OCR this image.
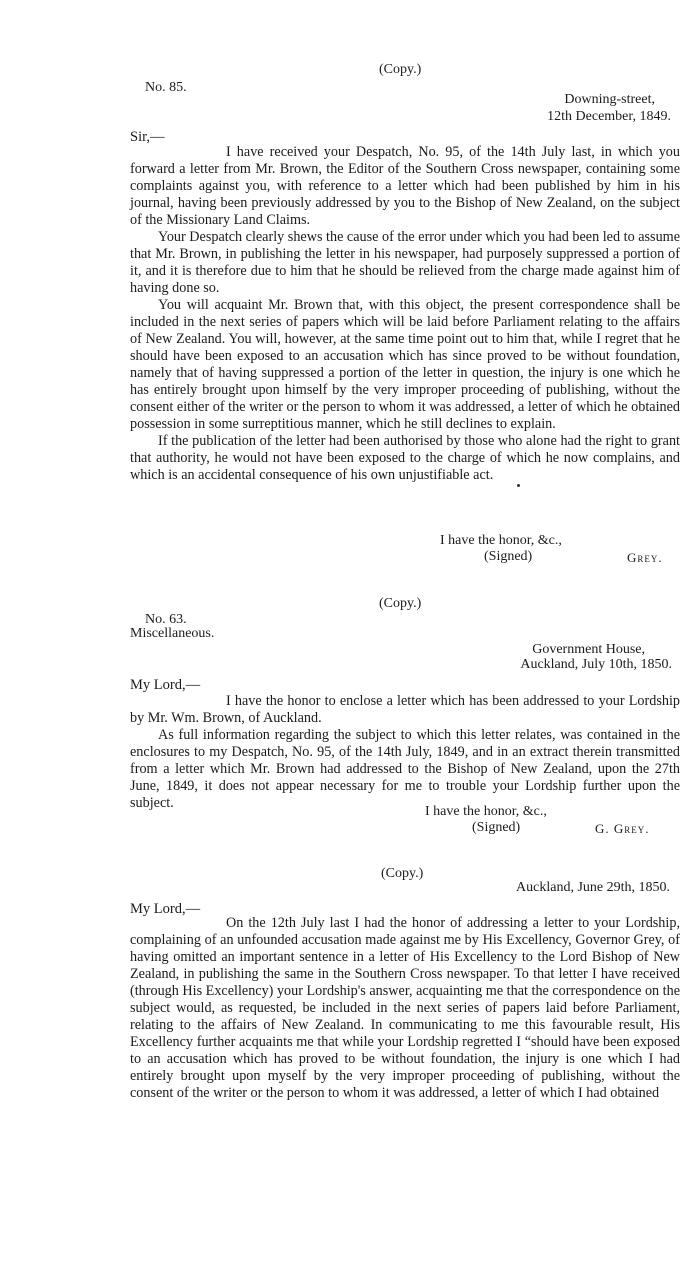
(Copy.)
No. 85.
Downing-street,
12th December, 1849.
Sir,—

I have received your Despatch, No. 95, of the 14th July last, in which you forward a letter from Mr. Brown, the Editor of the Southern Cross newspaper, containing some complaints against you, with reference to a letter which had been published by him in his journal, having been previously addressed by you to the Bishop of New Zealand, on the subject of the Missionary Land Claims.

Your Despatch clearly shews the cause of the error under which you had been led to assume that Mr. Brown, in publishing the letter in his newspaper, had purposely suppressed a portion of it, and it is therefore due to him that he should be relieved from the charge made against him of having done so.

You will acquaint Mr. Brown that, with this object, the present correspondence shall be included in the next series of papers which will be laid before Parliament relating to the affairs of New Zealand. You will, however, at the same time point out to him that, while I regret that he should have been exposed to an accusation which has since proved to be without foundation, namely that of having suppressed a portion of the letter in question, the injury is one which he has entirely brought upon himself by the very improper proceeding of publishing, without the consent either of the writer or the person to whom it was addressed, a letter of which he obtained possession in some surreptitious manner, which he still declines to explain.

If the publication of the letter had been authorised by those who alone had the right to grant that authority, he would not have been exposed to the charge of which he now complains, and which is an accidental consequence of his own unjustifiable act.

I have the honor, &c.,
(Signed)	Grey.
(Copy.)
No. 63.
Miscellaneous.
Government House,
Auckland, July 10th, 1850.
My Lord,—

I have the honor to enclose a letter which has been addressed to your Lordship by Mr. Wm. Brown, of Auckland.

As full information regarding the subject to which this letter relates, was contained in the enclosures to my Despatch, No. 95, of the 14th July, 1849, and in an extract therein transmitted from a letter which Mr. Brown had addressed to the Bishop of New Zealand, upon the 27th June, 1849, it does not appear necessary for me to trouble your Lordship further upon the subject.

I have the honor, &c.,
(Signed)	G. Grey.
(Copy.)
Auckland, June 29th, 1850.
My Lord,—

On the 12th July last I had the honor of addressing a letter to your Lordship, complaining of an unfounded accusation made against me by His Excellency, Governor Grey, of having omitted an important sentence in a letter of His Excellency to the Lord Bishop of New Zealand, in publishing the same in the Southern Cross newspaper. To that letter I have received (through His Excellency) your Lordship's answer, acquainting me that the correspondence on the subject would, as requested, be included in the next series of papers laid before Parliament, relating to the affairs of New Zealand. In communicating to me this favourable result, His Excellency further acquaints me that while your Lordship regretted I “should have been exposed to an accusation which has proved to be without foundation, the injury is one which I had entirely brought upon myself by the very improper proceeding of publishing, without the consent of the writer or the person to whom it was addressed, a letter of which I had obtained
